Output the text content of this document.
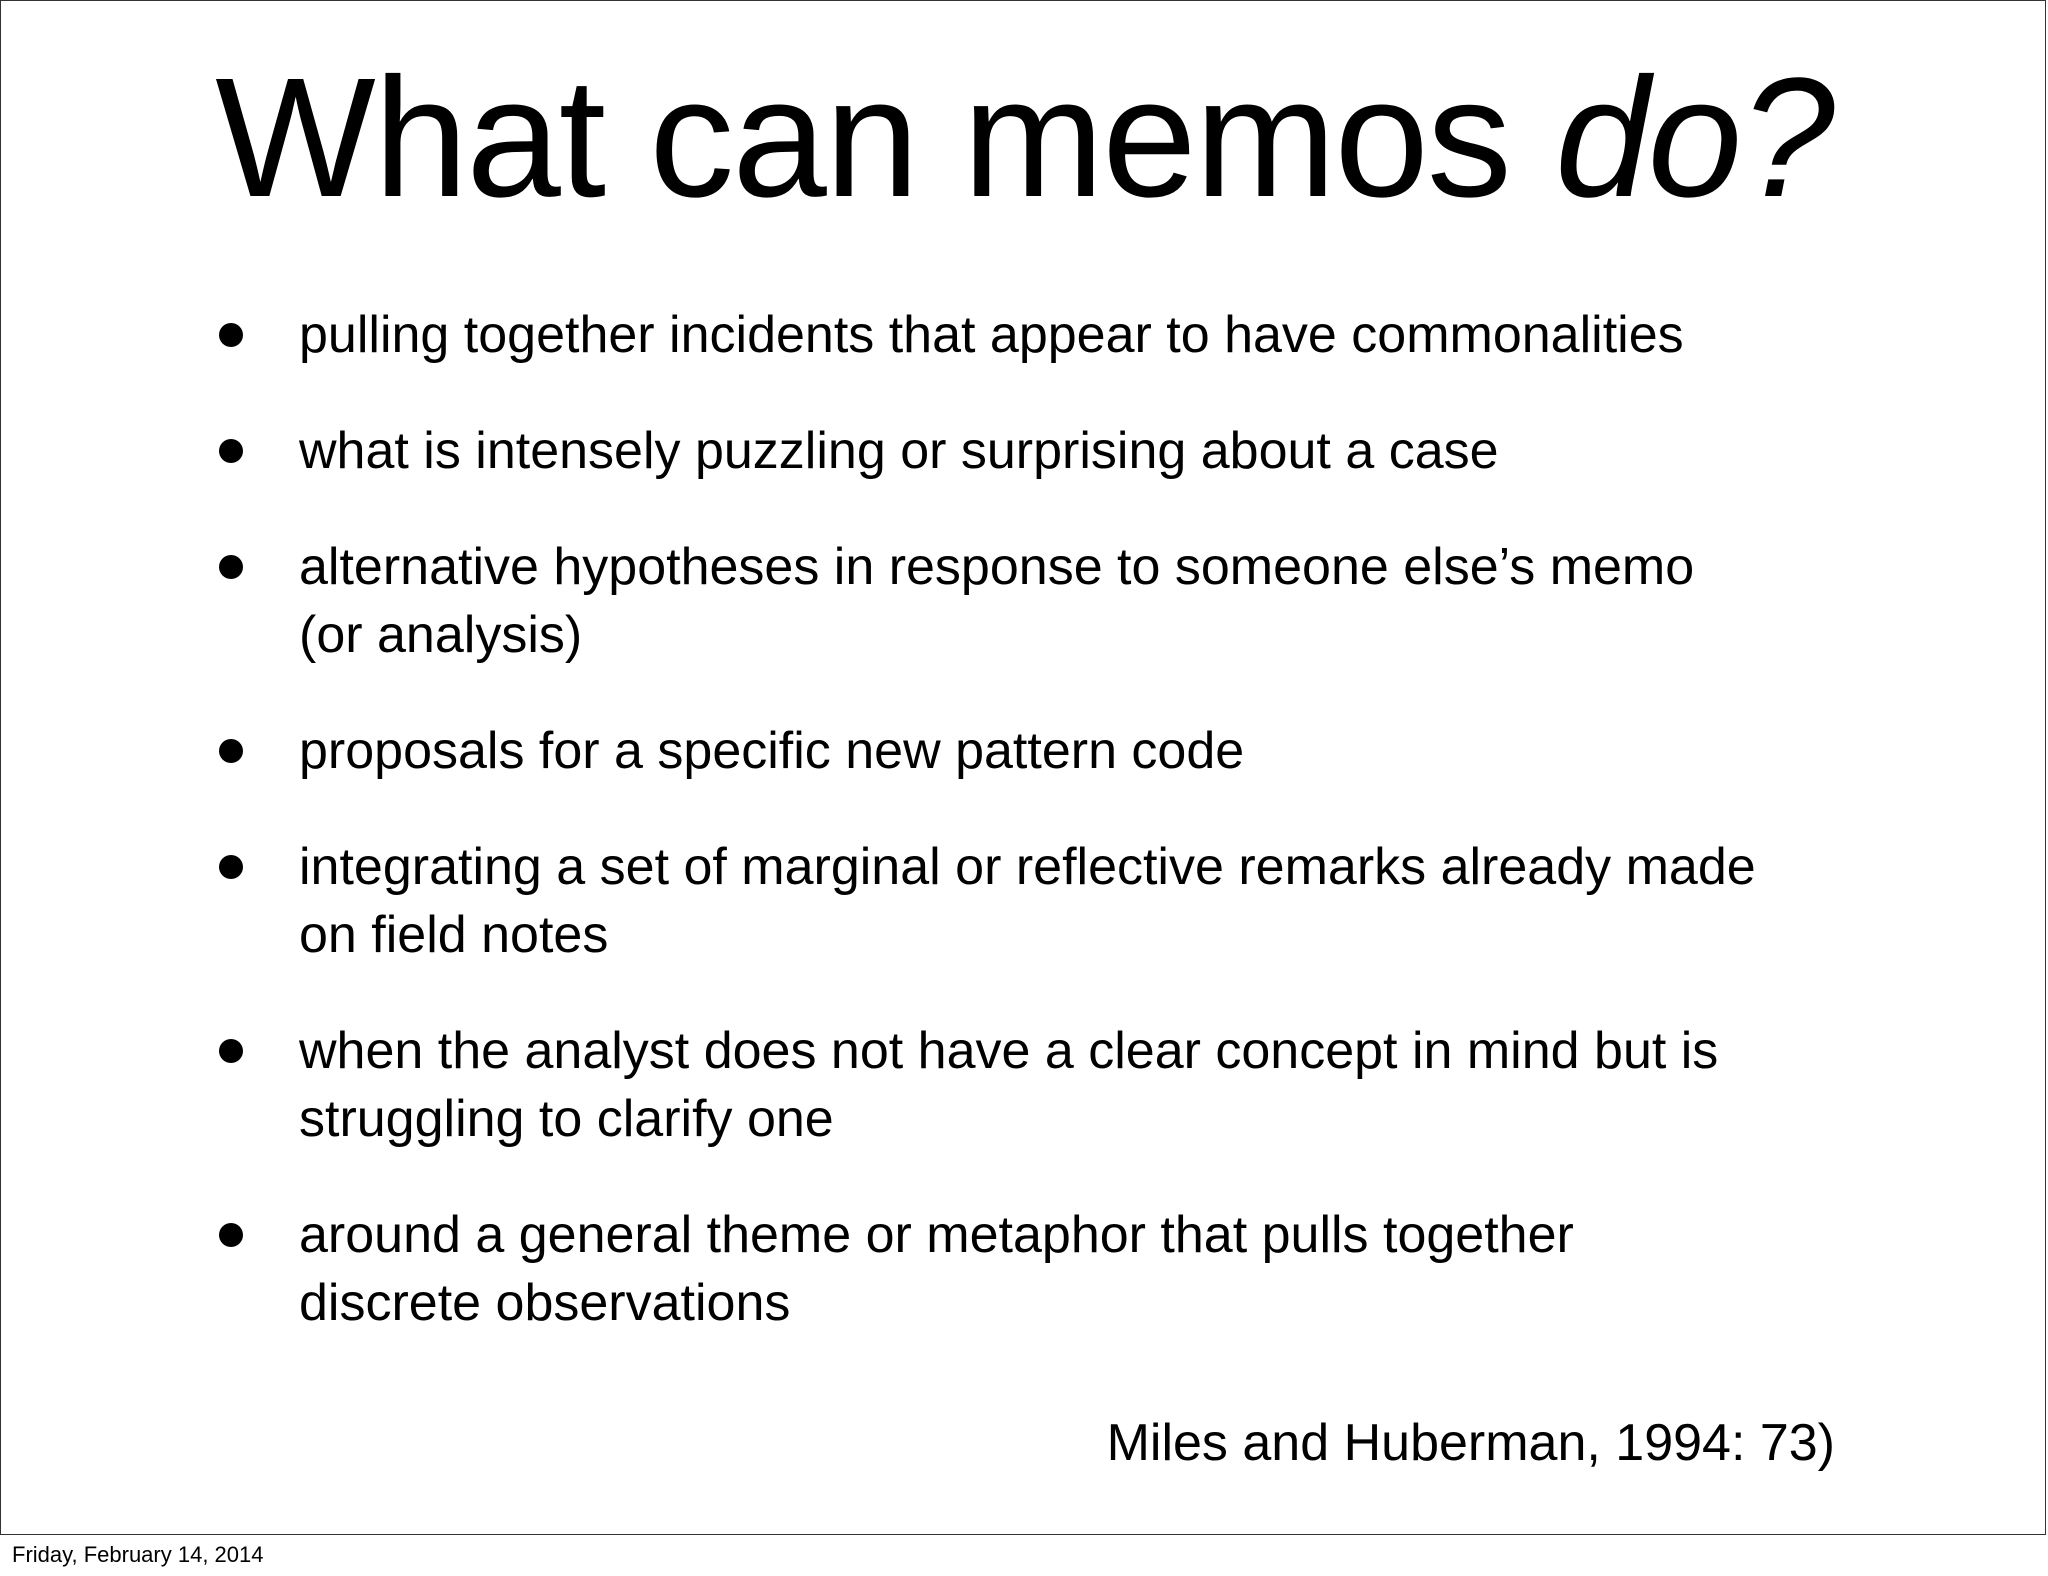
What can memos do?
pulling together incidents that appear to have commonalities
what is intensely puzzling or surprising about a case
alternative hypotheses in response to someone else’s memo
(or analysis)
proposals for a specific new pattern code
integrating a set of marginal or reflective remarks already made
on field notes
when the analyst does not have a clear concept in mind but is
struggling to clarify one
around a general theme or metaphor that pulls together
discrete observations
Miles and Huberman, 1994: 73)
Friday, February 14, 2014
